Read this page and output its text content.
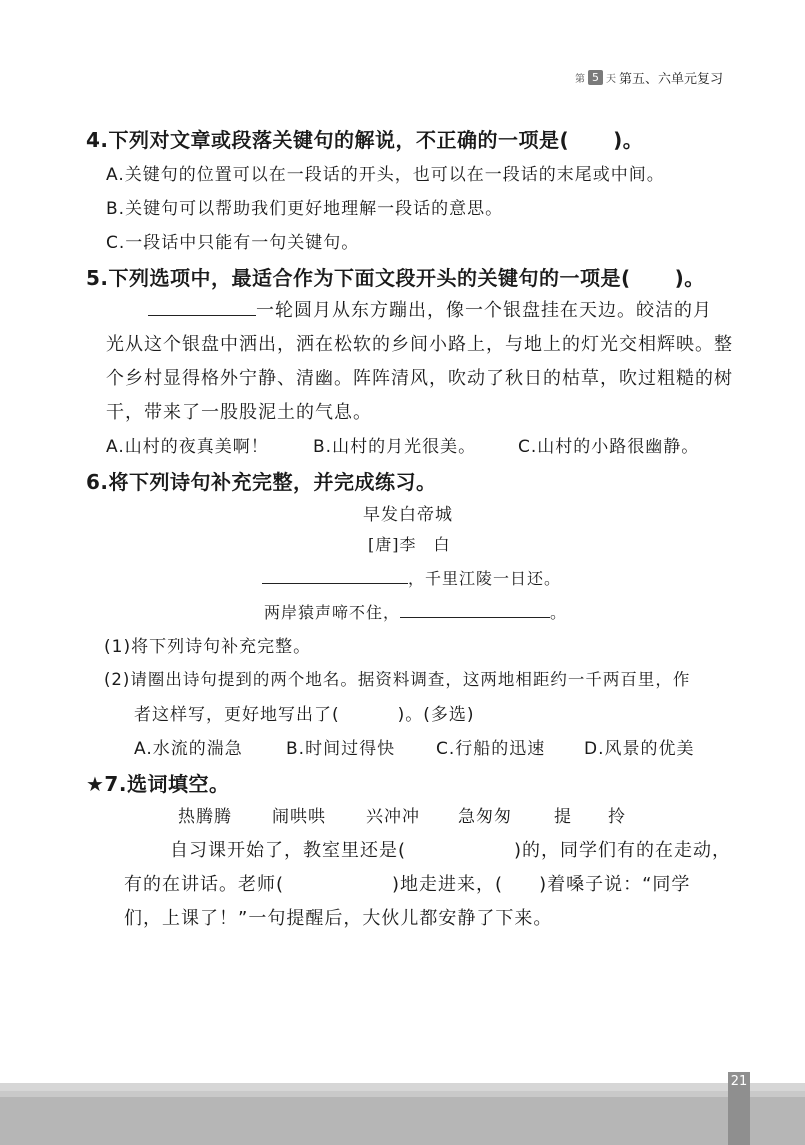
第 5 天 第五、六单元复习
4.下列对文章或段落关键句的解说，不正确的一项是( )。
A.关键句的位置可以在一段话的开头，也可以在一段话的末尾或中间。
B.关键句可以帮助我们更好地理解一段话的意思。
C.一段话中只能有一句关键句。
5.下列选项中，最适合作为下面文段开头的关键句的一项是( )。
一轮圆月从东方蹦出，像一个银盘挂在天边。皎洁的月
光从这个银盘中洒出，洒在松软的乡间小路上，与地上的灯光交相辉映。整
个乡村显得格外宁静、清幽。阵阵清风，吹动了秋日的枯草，吹过粗糙的树
干，带来了一股股泥土的气息。
A.山村的夜真美啊！	B.山村的月光很美。 C.山村的小路很幽静。
6.将下列诗句补充完整，并完成练习。
早发白帝城
[唐]李　白
，千里江陵一日还。
两岸猿声啼不住，	。
(1)将下列诗句补充完整。
(2)请圈出诗句提到的两个地名。据资料调查，这两地相距约一千两百里，作
者这样写，更好地写出了(	)。(多选)
A.水流的湍急	B.时间过得快 C.行船的迅速 D.风景的优美
★7.选词填空。
热腾腾 闹哄哄 兴冲冲 急匆匆 提 拎
自习课开始了，教室里还是(	)的，同学们有的在走动，
有的在讲话。老师(	)地走进来，( )着嗓子说：“同学
们，上课了！”一句提醒后，大伙儿都安静了下来。
21
